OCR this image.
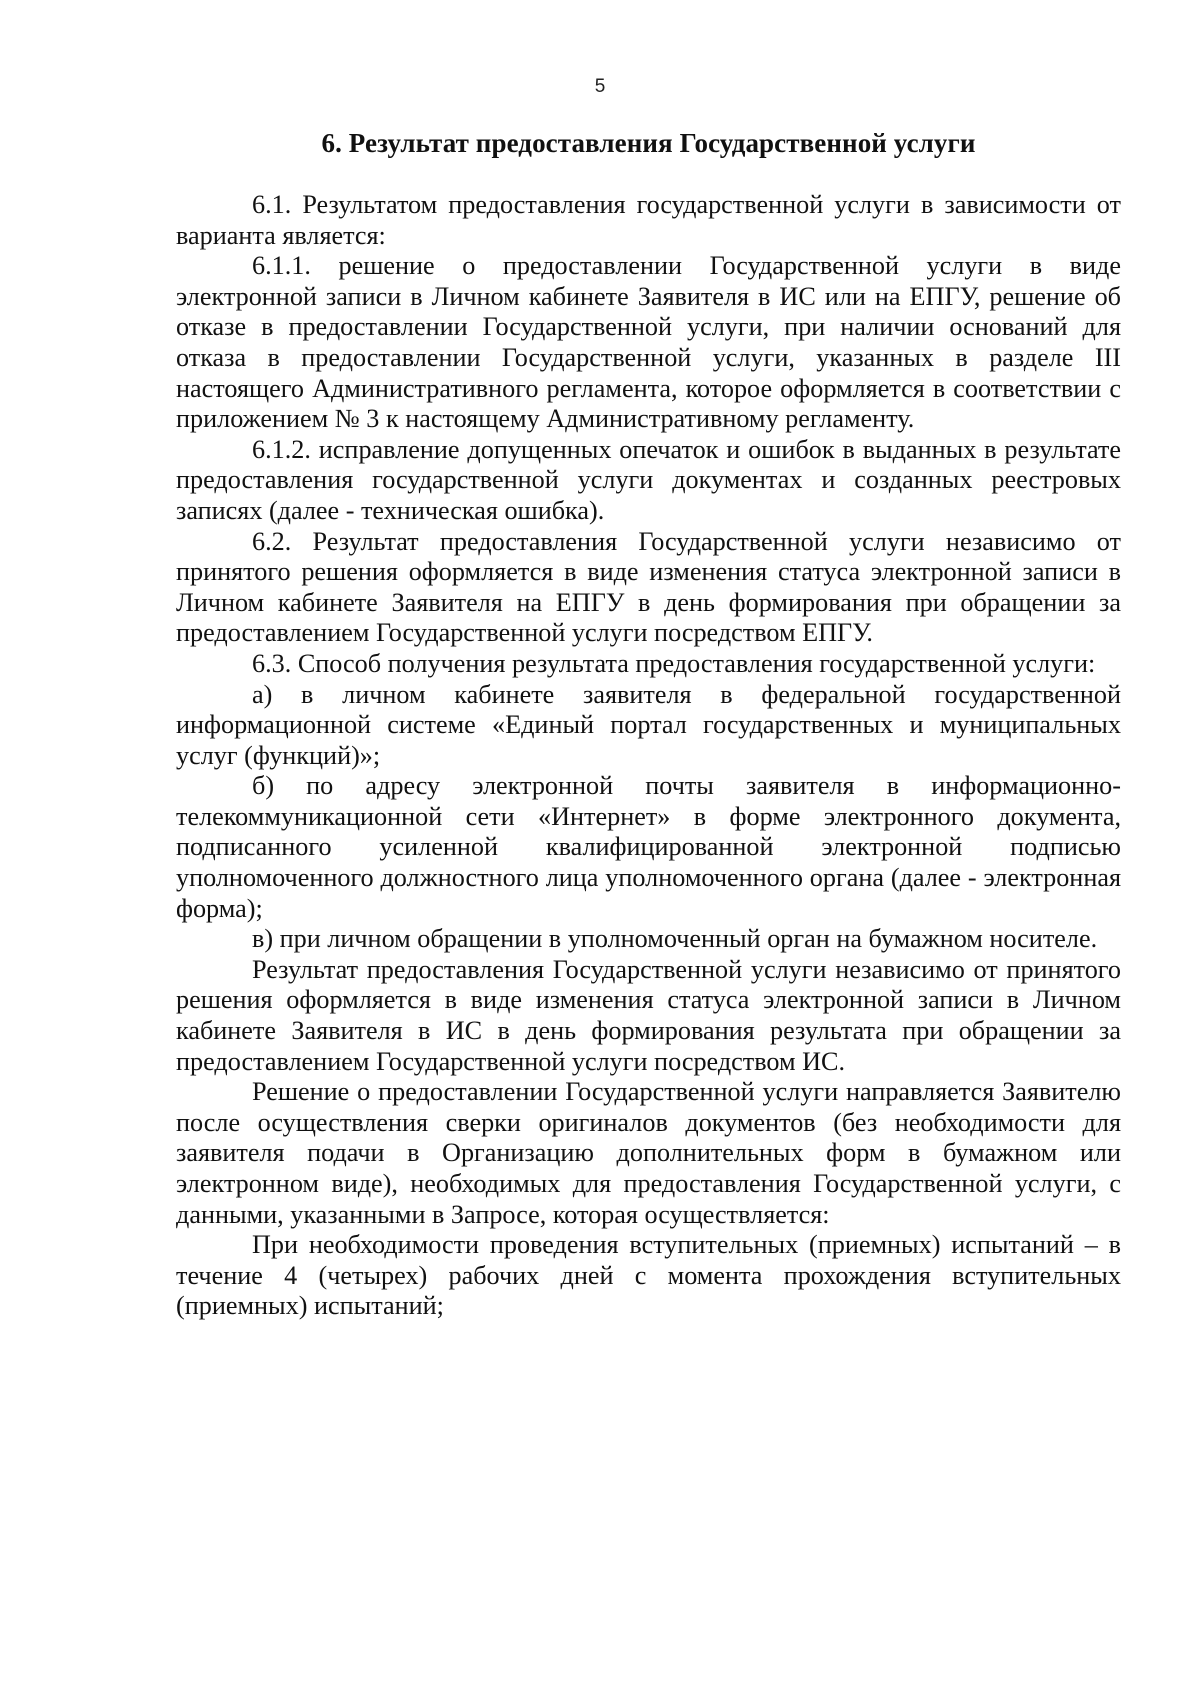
5
6. Результат предоставления Государственной услуги

6.1. Результатом предоставления государственной услуги в зависимости от варианта является:

6.1.1. решение о предоставлении Государственной услуги в виде электронной записи в Личном кабинете Заявителя в ИС или на ЕПГУ, решение об отказе в предоставлении Государственной услуги, при наличии оснований для отказа в предоставлении Государственной услуги, указанных в разделе III настоящего Административного регламента, которое оформляется в соответствии с приложением № 3 к настоящему Административному регламенту.

6.1.2. исправление допущенных опечаток и ошибок в выданных в результате предоставления государственной услуги документах и созданных реестровых записях (далее - техническая ошибка).

6.2. Результат предоставления Государственной услуги независимо от принятого решения оформляется в виде изменения статуса электронной записи в Личном кабинете Заявителя на ЕПГУ в день формирования при обращении за предоставлением Государственной услуги посредством ЕПГУ.

6.3. Способ получения результата предоставления государственной услуги:

а) в личном кабинете заявителя в федеральной государственной информационной системе «Единый портал государственных и муниципальных услуг (функций)»;

б) по адресу электронной почты заявителя в информационно-телекоммуникационной сети «Интернет» в форме электронного документа, подписанного усиленной квалифицированной электронной подписью уполномоченного должностного лица уполномоченного органа (далее - электронная форма);

в) при личном обращении в уполномоченный орган на бумажном носителе.

Результат предоставления Государственной услуги независимо от принятого решения оформляется в виде изменения статуса электронной записи в Личном кабинете Заявителя в ИС в день формирования результата при обращении за предоставлением Государственной услуги посредством ИС.

Решение о предоставлении Государственной услуги направляется Заявителю после осуществления сверки оригиналов документов (без необходимости для заявителя подачи в Организацию дополнительных форм в бумажном или электронном виде), необходимых для предоставления Государственной услуги, с данными, указанными в Запросе, которая осуществляется:

При необходимости проведения вступительных (приемных) испытаний – в течение 4 (четырех) рабочих дней с момента прохождения вступительных (приемных) испытаний;
